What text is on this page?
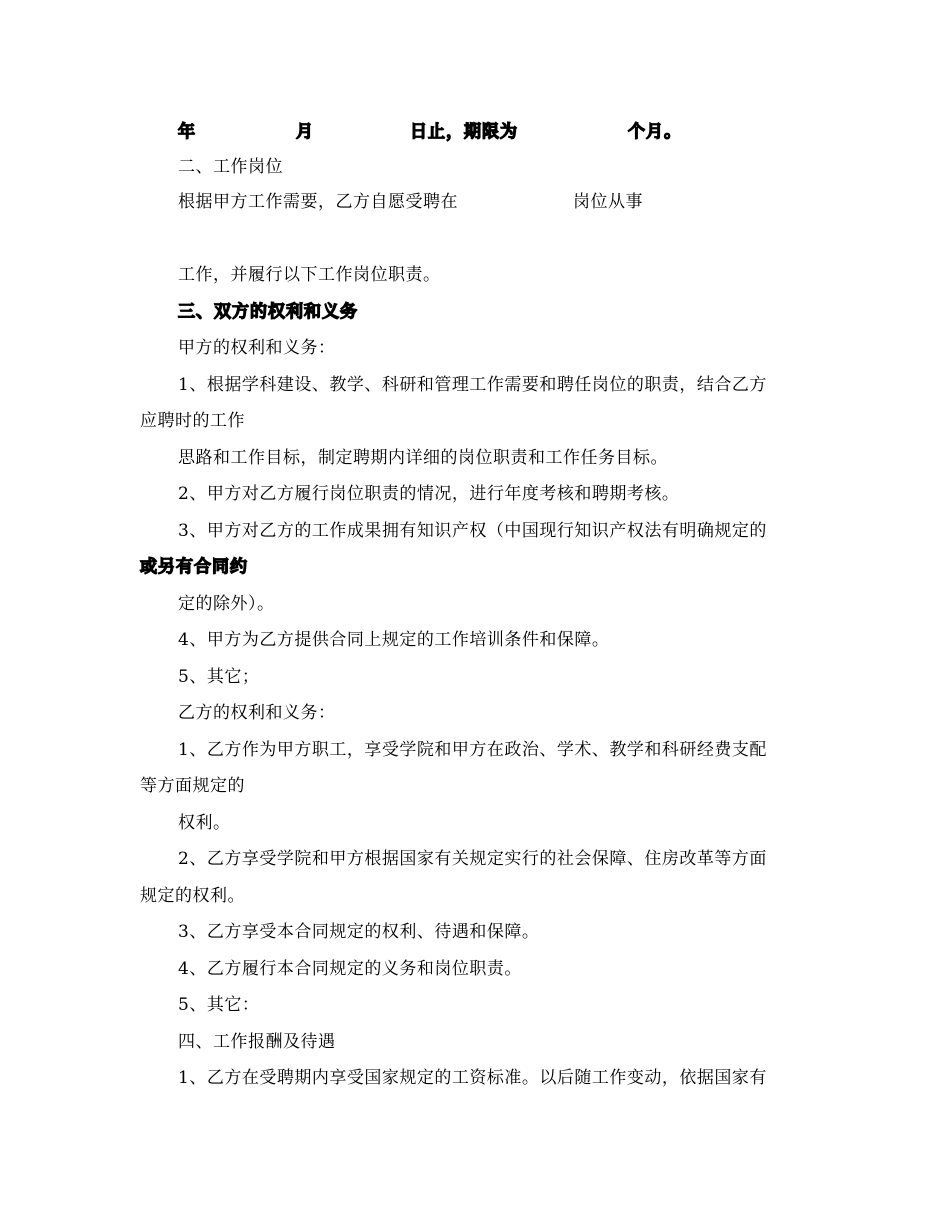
年	月	日止，期限为	个月。
二、工作岗位
根据甲方工作需要，乙方自愿受聘在	岗位从事
工作，并履行以下工作岗位职责。
三、双方的权利和义务
甲方的权利和义务：
1、根据学科建设、教学、科研和管理工作需要和聘任岗位的职责，结合乙方
应聘时的工作
思路和工作目标，制定聘期内详细的岗位职责和工作任务目标。
2、甲方对乙方履行岗位职责的情况，进行年度考核和聘期考核。
3、甲方对乙方的工作成果拥有知识产权（中国现行知识产权法有明确规定的
或另有合同约
定的除外）。
4、甲方为乙方提供合同上规定的工作培训条件和保障。
5、其它；
乙方的权利和义务：
1、乙方作为甲方职工，享受学院和甲方在政治、学术、教学和科研经费支配
等方面规定的
权利。
2、乙方享受学院和甲方根据国家有关规定实行的社会保障、住房改革等方面
规定的权利。
3、乙方享受本合同规定的权利、待遇和保障。
4、乙方履行本合同规定的义务和岗位职责。
5、其它：
四、工作报酬及待遇
1、乙方在受聘期内享受国家规定的工资标准。以后随工作变动，依据国家有
